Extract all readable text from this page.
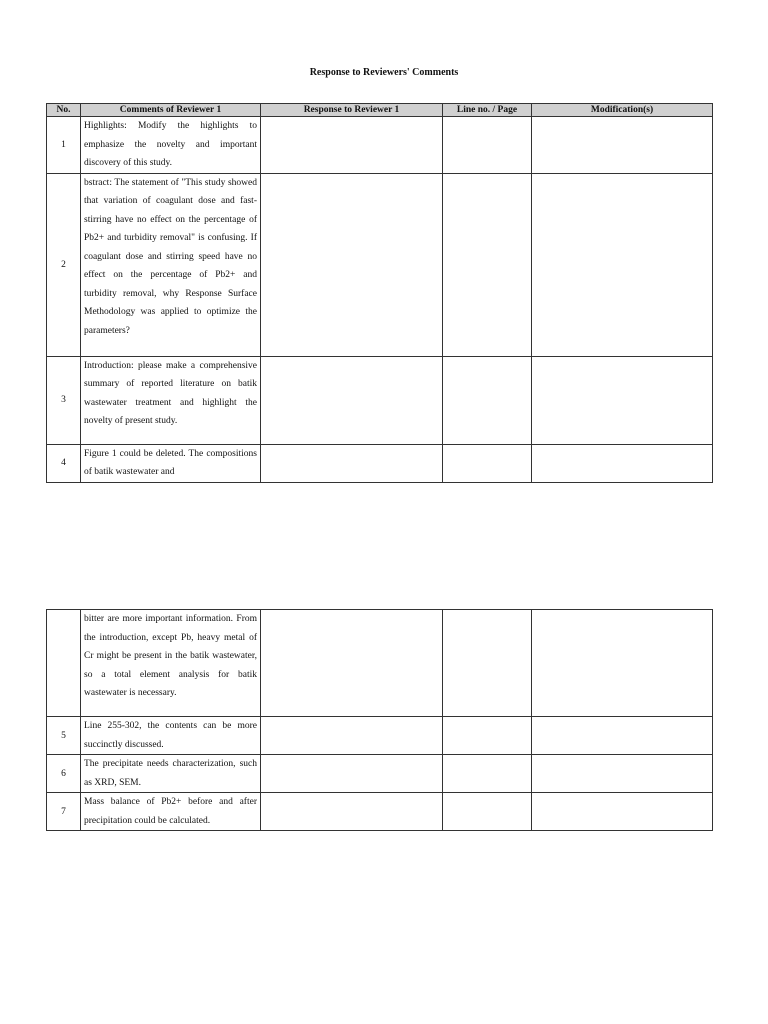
Response to Reviewers' Comments
No.	Comments of Reviewer 1	Response to Reviewer 1	Line no. / Page	Modification(s)
1	Highlights: Modify the highlights to emphasize the novelty and important discovery of this study.			

2	bstract: The statement of "This study showed that variation of coagulant dose and fast-stirring have no effect on the percentage of Pb2+ and turbidity removal" is confusing. If coagulant dose and stirring speed have no effect on the percentage of Pb2+ and turbidity removal, why Response Surface Methodology was applied to optimize the parameters?			

3	Introduction: please make a comprehensive summary of reported literature on batik wastewater treatment and highlight the novelty of present study.			

4	Figure 1 could be deleted. The compositions of batik wastewater and			

	bitter are more important information. From the introduction, except Pb, heavy metal of Cr might be present in the batik wastewater, so a total element analysis for batik wastewater is necessary.			

5	Line 255-302, the contents can be more succinctly discussed.			

6	The precipitate needs characterization, such as XRD, SEM.			

7	Mass balance of Pb2+ before and after precipitation could be calculated.			
